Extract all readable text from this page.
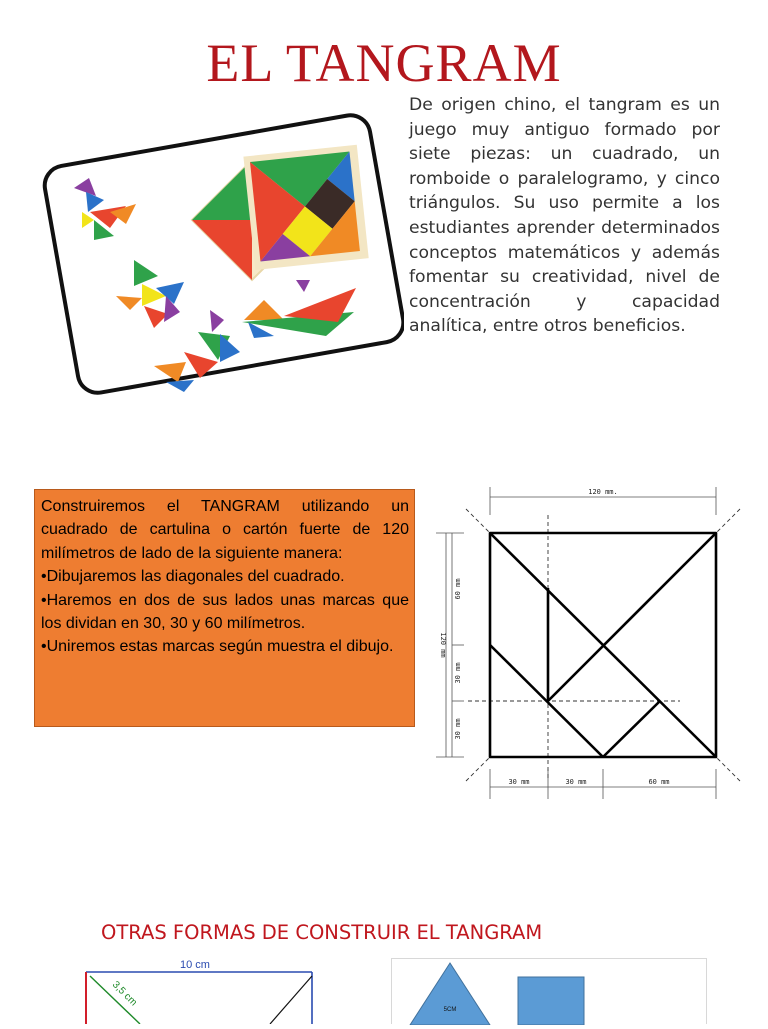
EL TANGRAM
De origen chino, el tangram es un juego muy antiguo formado por siete piezas: un cuadrado, un romboide o paralelogramo, y cinco triángulos. Su uso permite a los estudiantes aprender determinados conceptos matemáticos y además fomentar su creatividad, nivel de concentración y capacidad analítica, entre otros beneficios.

Construiremos el TANGRAM utilizando un cuadrado de cartulina o cartón fuerte de 120 milímetros de lado de la siguiente manera:

•Dibujaremos las diagonales del cuadrado.

•Haremos en dos de sus lados unas marcas que los dividan en 30, 30 y 60 milímetros.

•Uniremos estas marcas según muestra el dibujo.

120 mm.
120 mm
60 mm
30 mm
30 mm
30 mm	30 mm	60 mm
OTRAS FORMAS DE CONSTRUIR EL TANGRAM
10 cm
3,5 cm
5CM
